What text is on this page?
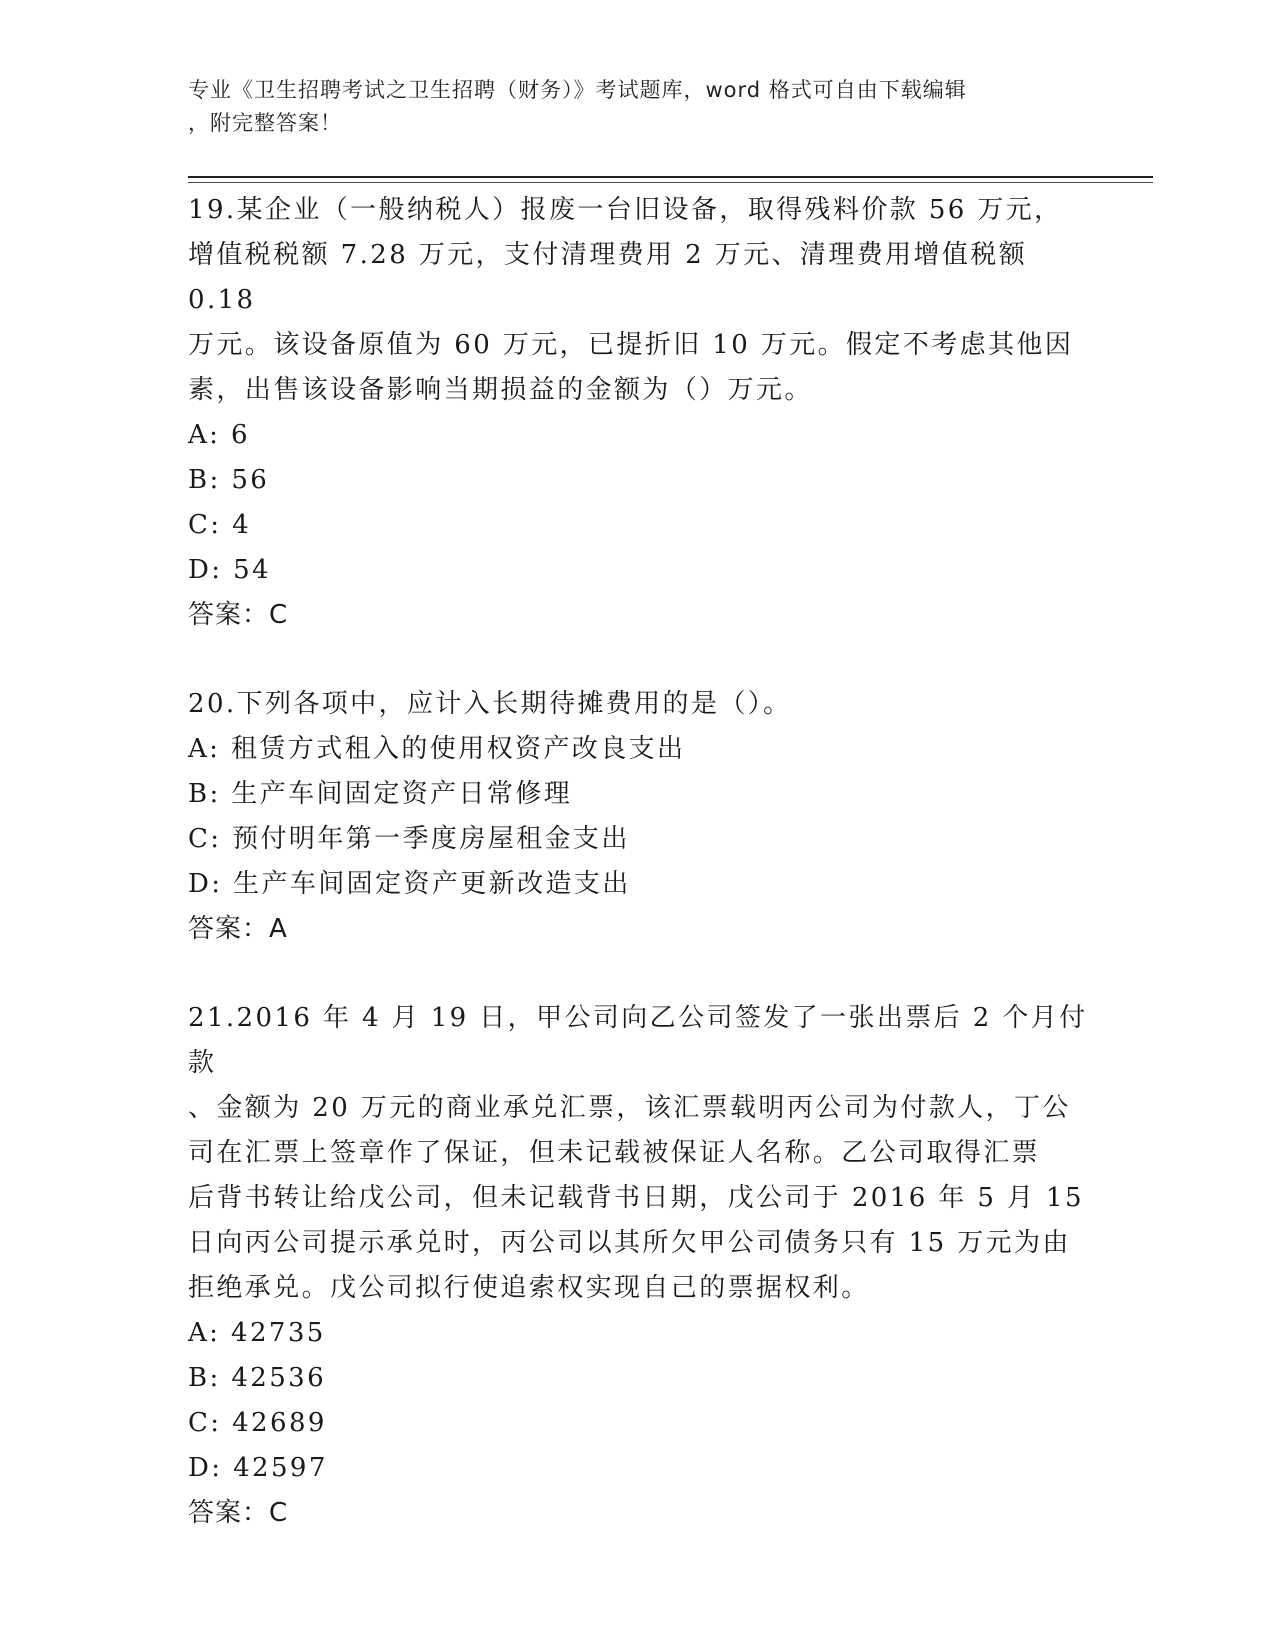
专业《卫生招聘考试之卫生招聘（财务）》考试题库，word 格式可自由下载编辑
，附完整答案！

19.某企业（一般纳税人）报废一台旧设备，取得残料价款 56 万元，

增值税税额 7.28 万元，支付清理费用 2 万元、清理费用增值税额 0.18

万元。该设备原值为 60 万元，已提折旧 10 万元。假定不考虑其他因

素，出售该设备影响当期损益的金额为（）万元。

A: 6

B: 56

C: 4

D: 54

答案：C

20.下列各项中，应计入长期待摊费用的是（）。

A: 租赁方式租入的使用权资产改良支出

B: 生产车间固定资产日常修理

C: 预付明年第一季度房屋租金支出

D: 生产车间固定资产更新改造支出

答案：A

21.2016 年 4 月 19 日，甲公司向乙公司签发了一张出票后 2 个月付款

、金额为 20 万元的商业承兑汇票，该汇票载明丙公司为付款人，丁公

司在汇票上签章作了保证，但未记载被保证人名称。乙公司取得汇票

后背书转让给戊公司，但未记载背书日期，戊公司于 2016 年 5 月 15

日向丙公司提示承兑时，丙公司以其所欠甲公司债务只有 15 万元为由

拒绝承兑。戊公司拟行使追索权实现自己的票据权利。

A: 42735

B: 42536

C: 42689

D: 42597

答案：C
